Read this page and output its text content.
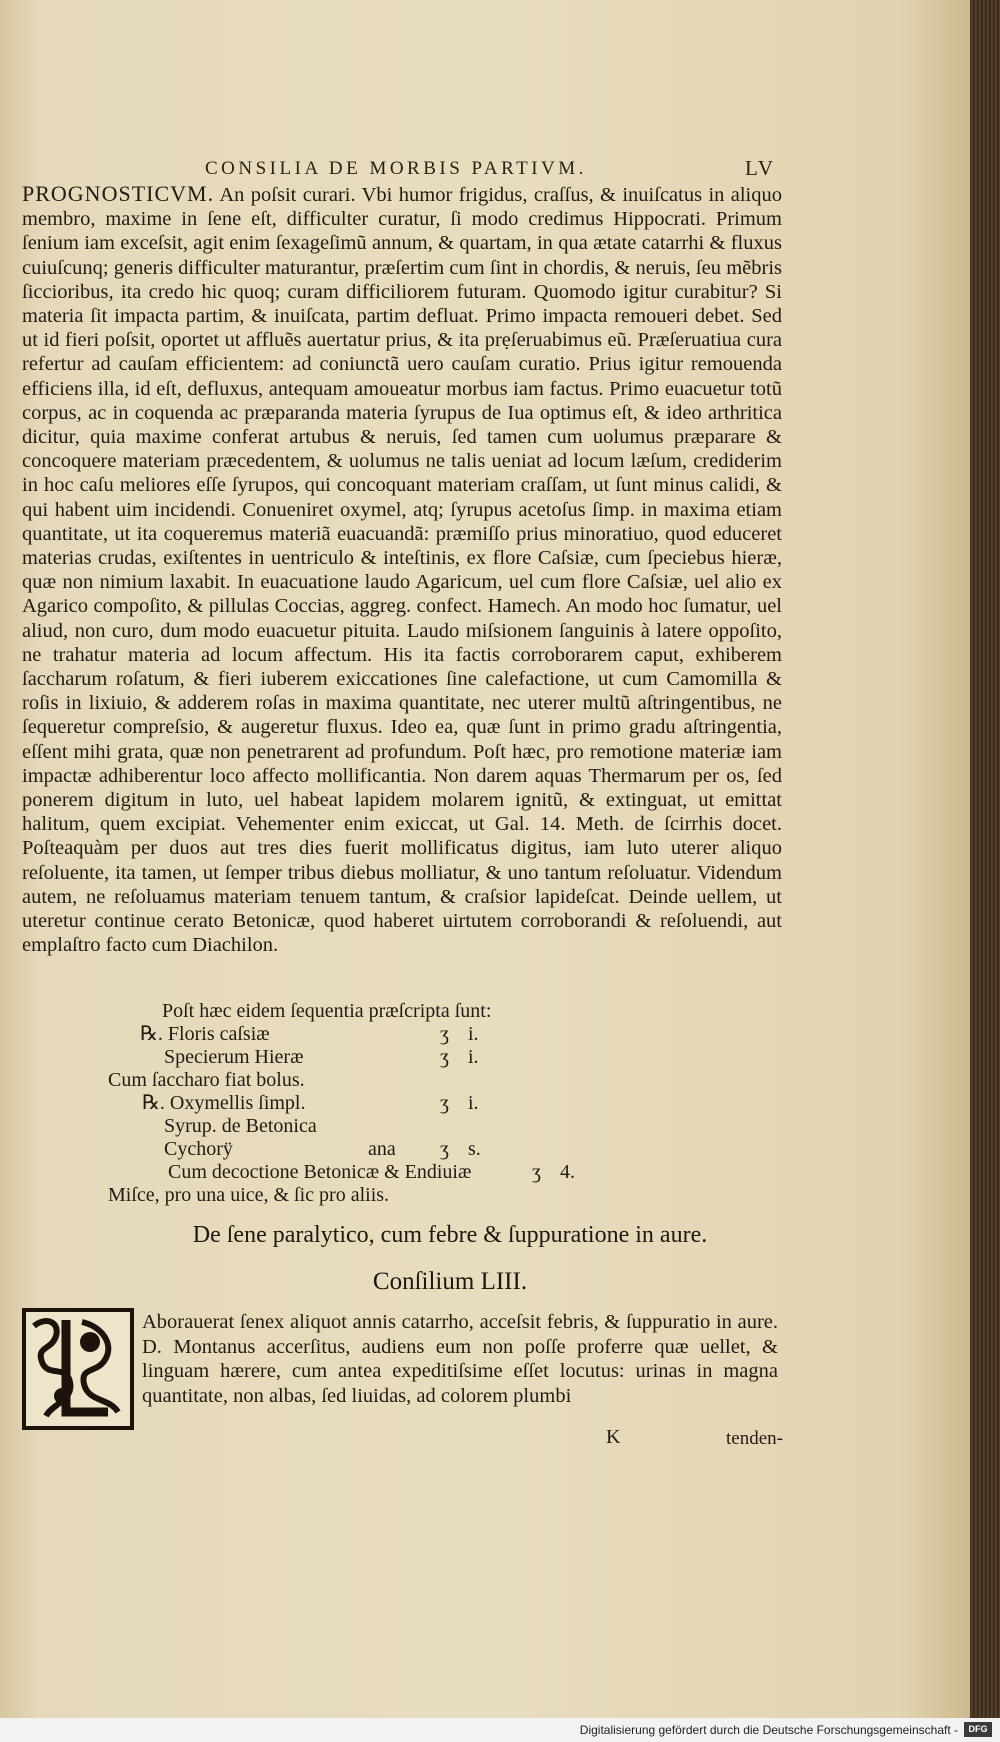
CONSILIA DE MORBIS PARTIVM.	LV

PROGNOSTICVM. An poſsit curari. Vbi humor frigidus, craſſus, & inuiſcatus in aliquo membro, maxime in ſene eſt, difficulter curatur, ſi modo credimus Hippocrati. Primum ſenium iam exceſsit, agit enim ſexageſimũ annum, & quartam, in qua ætate catarrhi & fluxus cuiuſcunq; generis difficulter maturantur, præſertim cum ſint in chordis, & neruis, ſeu mẽbris ſiccioribus, ita credo hic quoq; curam difficiliorem futuram. Quomodo igitur curabitur? Si materia ſit impacta partim, & inuiſcata, partim defluat. Primo impacta remoueri debet. Sed ut id fieri poſsit, oportet ut affluẽs auertatur prius, & ita prẹſeruabimus eũ. Præſeruatiua cura refertur ad cauſam efficientem: ad coniunctã uero cauſam curatio. Prius igitur remouenda efficiens illa, id eſt, defluxus, antequam amoueatur morbus iam factus. Primo euacuetur totũ corpus, ac in coquenda ac præparanda materia ſyrupus de Iua optimus eſt, & ideo arthritica dicitur, quia maxime conferat artubus & neruis, ſed tamen cum uolumus præparare & concoquere materiam præcedentem, & uolumus ne talis ueniat ad locum læſum, crediderim in hoc caſu meliores eſſe ſyrupos, qui concoquant materiam craſſam, ut ſunt minus calidi, & qui habent uim incidendi. Conueniret oxymel, atq; ſyrupus acetoſus ſimp. in maxima etiam quantitate, ut ita coqueremus materiã euacuandã: præmiſſo prius minoratiuo, quod educeret materias crudas, exiſtentes in uentriculo & inteſtinis, ex flore Caſsiæ, cum ſpeciebus hieræ, quæ non nimium laxabit. In euacuatione laudo Agaricum, uel cum flore Caſsiæ, uel alio ex Agarico compoſito, & pillulas Coccias, aggreg. confect. Hamech. An modo hoc ſumatur, uel aliud, non curo, dum modo euacuetur pituita. Laudo miſsionem ſanguinis à latere oppoſito, ne trahatur materia ad locum affectum. His ita factis corroborarem caput, exhiberem ſaccharum roſatum, & fieri iuberem exiccationes ſine calefactione, ut cum Camomilla & roſis in lixiuio, & adderem roſas in maxima quantitate, nec uterer multũ aſtringentibus, ne ſequeretur compreſsio, & augeretur fluxus. Ideo ea, quæ ſunt in primo gradu aſtringentia, eſſent mihi grata, quæ non penetrarent ad profundum. Poſt hæc, pro remotione materiæ iam impactæ adhiberentur loco affecto mollificantia. Non darem aquas Thermarum per os, ſed ponerem digitum in luto, uel habeat lapidem molarem ignitũ, & extinguat, ut emittat halitum, quem excipiat. Vehementer enim exiccat, ut Gal. 14. Meth. de ſcirrhis docet. Poſteaquàm per duos aut tres dies fuerit mollificatus digitus, iam luto uterer aliquo reſoluente, ita tamen, ut ſemper tribus diebus molliatur, & uno tantum reſoluatur. Videndum autem, ne reſoluamus materiam tenuem tantum, & craſsior lapideſcat. Deinde uellem, ut uteretur continue cerato Betonicæ, quod haberet uirtutem corroborandi & reſoluendi, aut emplaſtro facto cum Diachilon.

Poſt hæc eidem ſequentia præſcripta ſunt:
℞. Floris caſsiæ	ʒ i.
Specierum Hieræ	ʒ i.
Cum ſaccharo fiat bolus.
℞. Oxymellis ſimpl.	ʒ i.
Syrup. de Betonica
Cychorÿ	ana ʒ s.
Cum decoctione Betonicæ & Endiuiæ	ʒ 4.
Miſce, pro una uice, & ſic pro aliis.
De ſene paralytico, cum febre & ſuppuratione in aure.
Conſilium LIII.
Aborauerat ſenex aliquot annis catarrho, acceſsit febris, & ſuppuratio in aure. D. Montanus accerſitus, audiens eum non poſſe proferre quæ uellet, & linguam hærere, cum antea expeditiſsime eſſet locutus: urinas in magna quantitate, non albas, ſed liuidas, ad colorem plumbi
K	tenden-
Digitalisierung gefördert durch die Deutsche Forschungsgemeinschaft -	DFG
